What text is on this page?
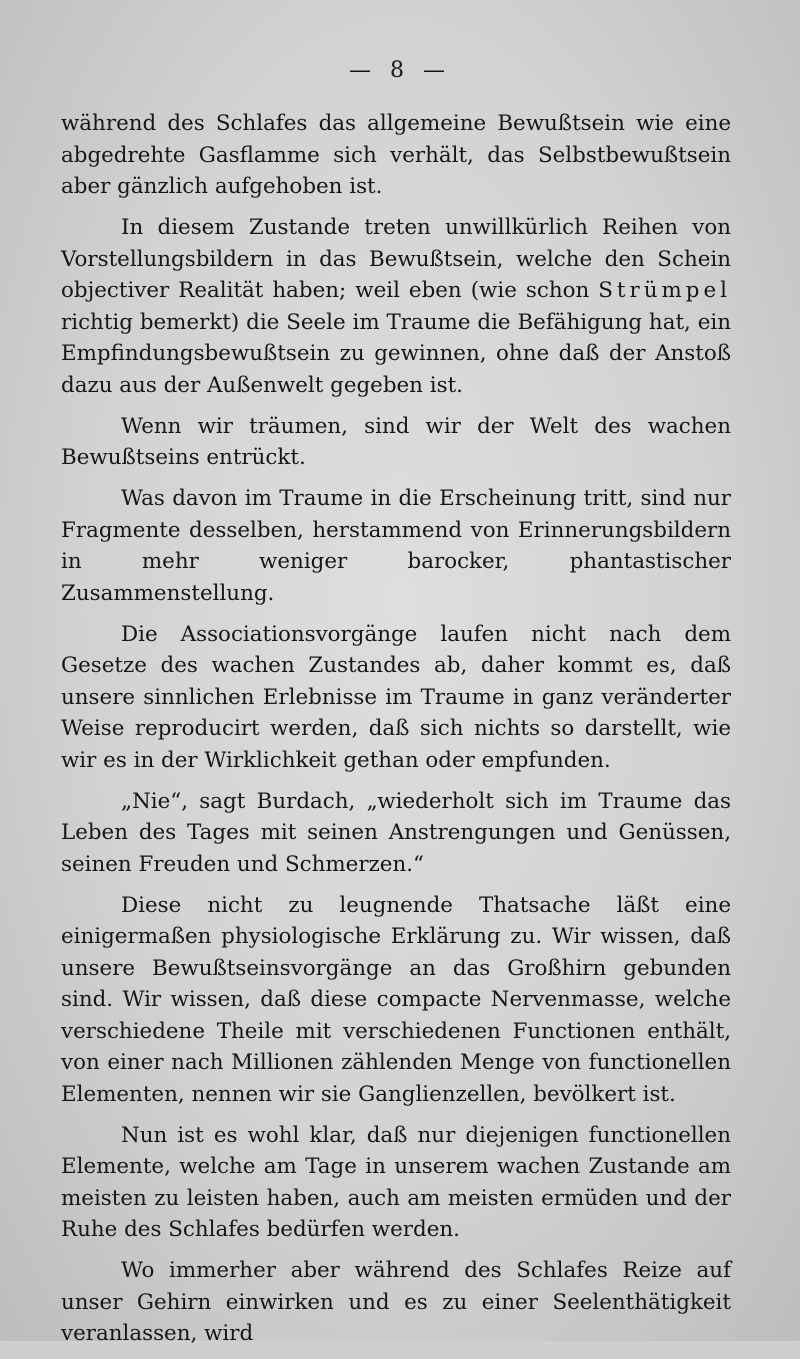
— 8 —

während des Schlafes das allgemeine Bewußtsein wie eine abgedrehte Gasflamme sich verhält, das Selbstbewußtsein aber gänzlich aufgehoben ist.

In diesem Zustande treten unwillkürlich Reihen von Vorstellungsbildern in das Bewußtsein, welche den Schein objectiver Realität haben; weil eben (wie schon Strümpel richtig bemerkt) die Seele im Traume die Befähigung hat, ein Empfindungsbewußtsein zu gewinnen, ohne daß der Anstoß dazu aus der Außenwelt gegeben ist.

Wenn wir träumen, sind wir der Welt des wachen Bewußtseins entrückt.

Was davon im Traume in die Erscheinung tritt, sind nur Fragmente desselben, herstammend von Erinnerungsbildern in mehr weniger barocker, phantastischer Zusammenstellung.

Die Associationsvorgänge laufen nicht nach dem Gesetze des wachen Zustandes ab, daher kommt es, daß unsere sinnlichen Erlebnisse im Traume in ganz veränderter Weise reproducirt werden, daß sich nichts so darstellt, wie wir es in der Wirklichkeit gethan oder empfunden.

„Nie“, sagt Burdach, „wiederholt sich im Traume das Leben des Tages mit seinen Anstrengungen und Genüssen, seinen Freuden und Schmerzen.“

Diese nicht zu leugnende Thatsache läßt eine einigermaßen physiologische Erklärung zu. Wir wissen, daß unsere Bewußtseinsvorgänge an das Großhirn gebunden sind. Wir wissen, daß diese compacte Nervenmasse, welche verschiedene Theile mit verschiedenen Functionen enthält, von einer nach Millionen zählenden Menge von functionellen Elementen, nennen wir sie Ganglienzellen, bevölkert ist.

Nun ist es wohl klar, daß nur diejenigen functionellen Elemente, welche am Tage in unserem wachen Zustande am meisten zu leisten haben, auch am meisten ermüden und der Ruhe des Schlafes bedürfen werden.

Wo immerher aber während des Schlafes Reize auf unser Gehirn einwirken und es zu einer Seelenthätigkeit veranlassen, wird
